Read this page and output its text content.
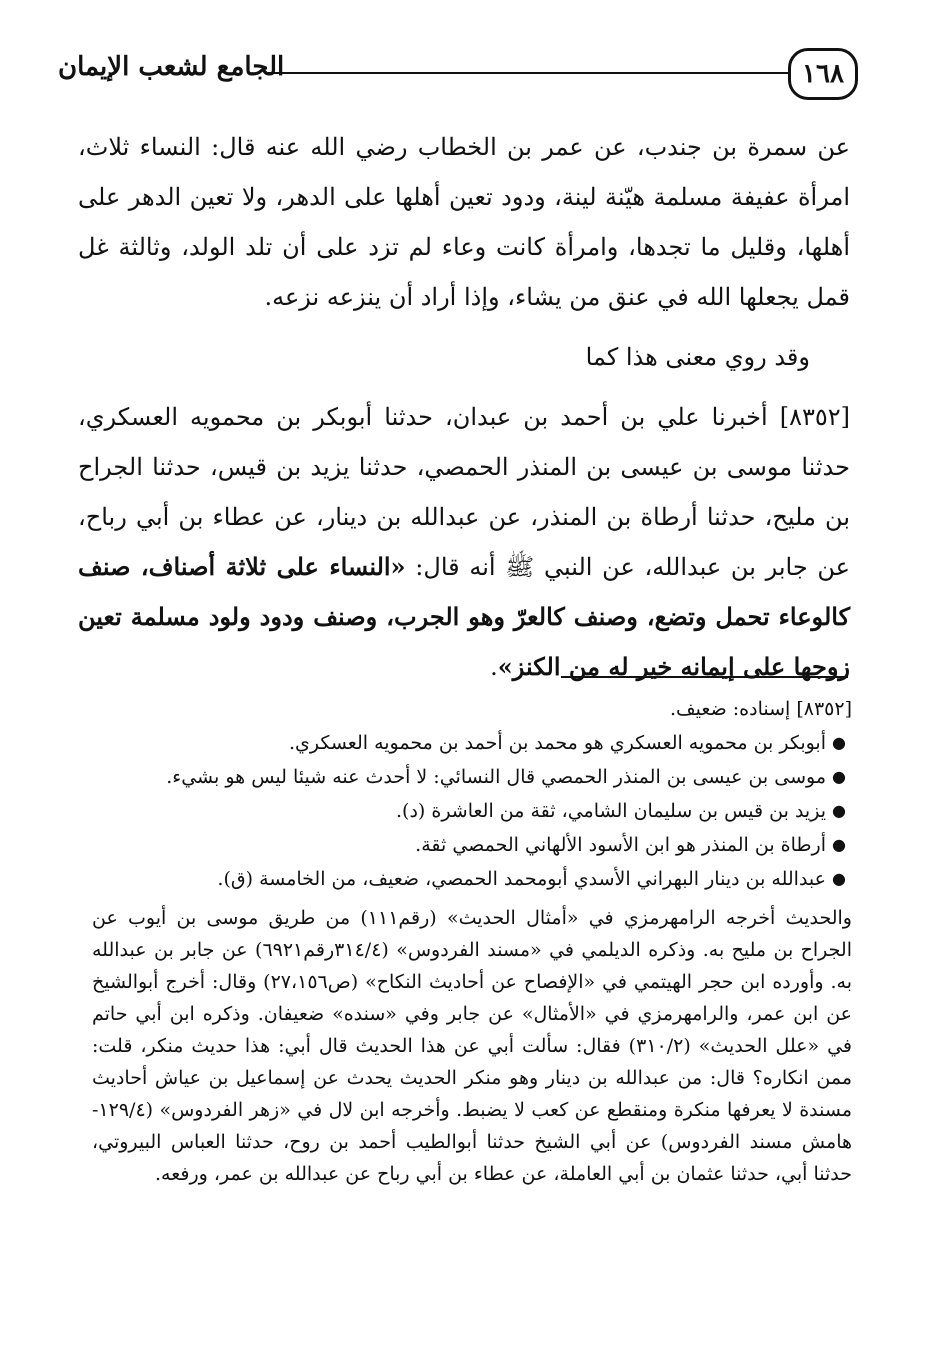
١٦٨
الجامع لشعب الإيمان

عن سمرة بن جندب، عن عمر بن الخطاب رضي الله عنه قال: النساء ثلاث، امرأة عفيفة مسلمة هيّنة لينة، ودود تعين أهلها على الدهر، ولا تعين الدهر على أهلها، وقليل ما تجدها، وامرأة كانت وعاء لم تزد على أن تلد الولد، وثالثة غل قمل يجعلها الله في عنق من يشاء، وإذا أراد أن ينزعه نزعه.

وقد روي معنى هذا كما

[٨٣٥٢] أخبرنا علي بن أحمد بن عبدان، حدثنا أبوبكر بن محمويه العسكري، حدثنا موسى بن عيسى بن المنذر الحمصي، حدثنا يزيد بن قيس، حدثنا الجراح بن مليح، حدثنا أرطاة بن المنذر، عن عبدالله بن دينار، عن عطاء بن أبي رباح، عن جابر بن عبدالله، عن النبي ﷺ أنه قال: «النساء على ثلاثة أصناف، صنف كالوعاء تحمل وتضع، وصنف كالعرّ وهو الجرب، وصنف ودود ولود مسلمة تعين زوجها على إيمانه خير له من الكنز».

[٨٣٥٢] إسناده: ضعيف.

●
أبوبكر بن محمويه العسكري هو محمد بن أحمد بن محمويه العسكري.
●
موسى بن عيسى بن المنذر الحمصي قال النسائي: لا أحدث عنه شيئا ليس هو بشيء.
●
يزيد بن قيس بن سليمان الشامي، ثقة من العاشرة (د).
●
أرطاة بن المنذر هو ابن الأسود الألهاني الحمصي ثقة.
●
عبدالله بن دينار البهراني الأسدي أبومحمد الحمصي، ضعيف، من الخامسة (ق).

والحديث أخرجه الرامهرمزي في «أمثال الحديث» (رقم١١١) من طريق موسى بن أيوب عن الجراح بن مليح به. وذكره الديلمي في «مسند الفردوس» (٣١٤/٤رقم٦٩٢١) عن جابر بن عبدالله به. وأورده ابن حجر الهيتمي في «الإفصاح عن أحاديث النكاح» (ص٢٧،١٥٦) وقال: أخرج أبوالشيخ عن ابن عمر، والرامهرمزي في «الأمثال» عن جابر وفي «سنده» ضعيفان. وذكره ابن أبي حاتم في «علل الحديث» (٣١٠/٢) فقال: سألت أبي عن هذا الحديث قال أبي: هذا حديث منكر، قلت: ممن انكاره؟ قال: من عبدالله بن دينار وهو منكر الحديث يحدث عن إسماعيل بن عياش أحاديث مسندة لا يعرفها منكرة ومنقطع عن كعب لا يضبط. وأخرجه ابن لال في «زهر الفردوس» (١٢٩/٤- هامش مسند الفردوس) عن أبي الشيخ حدثنا أبوالطيب أحمد بن روح، حدثنا العباس البيروتي، حدثنا أبي، حدثنا عثمان بن أبي العاملة، عن عطاء بن أبي رباح عن عبدالله بن عمر، ورفعه.
